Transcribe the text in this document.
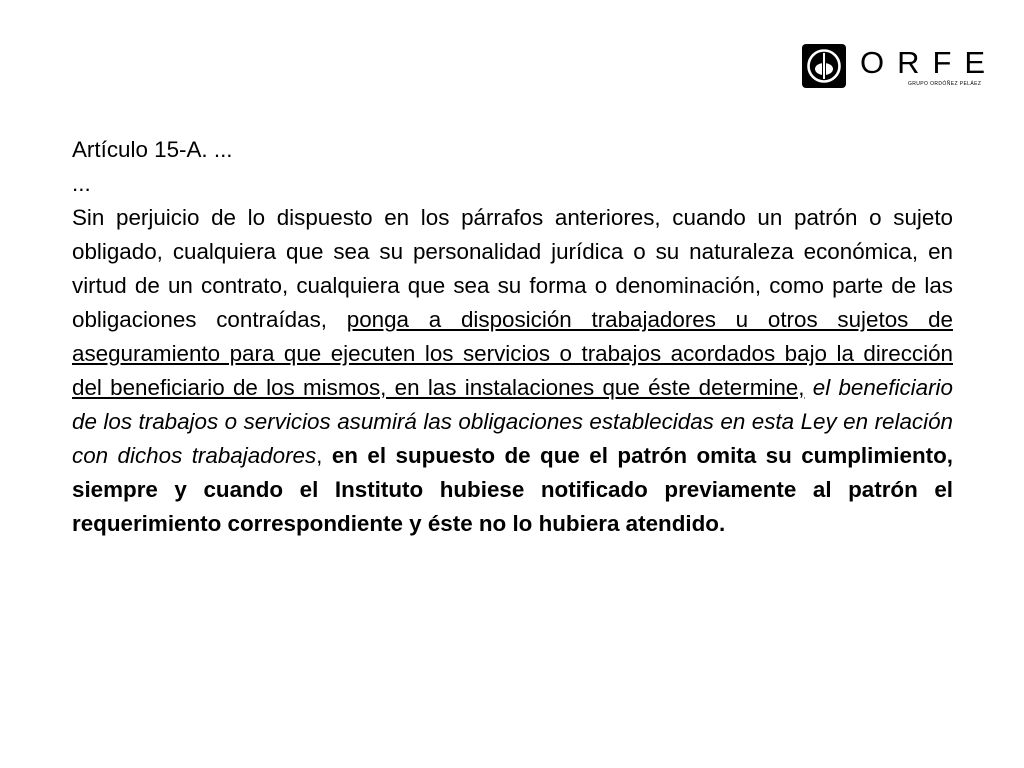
ORFE
GRUPO ORDÓÑEZ PELÁEZ

Artículo 15-A. ...

...

Sin perjuicio de lo dispuesto en los párrafos anteriores, cuando un patrón o sujeto obligado, cualquiera que sea su personalidad jurídica o su naturaleza económica, en virtud de un contrato, cualquiera que sea su forma o denominación, como parte de las obligaciones contraídas, ponga a disposición trabajadores u otros sujetos de aseguramiento para que ejecuten los servicios o trabajos acordados bajo la dirección del beneficiario de los mismos, en las instalaciones que éste determine, el beneficiario de los trabajos o servicios asumirá las obligaciones establecidas en esta Ley en relación con dichos trabajadores, en el supuesto de que el patrón omita su cumplimiento, siempre y cuando el Instituto hubiese notificado previamente al patrón el requerimiento correspondiente y éste no lo hubiera atendido.
